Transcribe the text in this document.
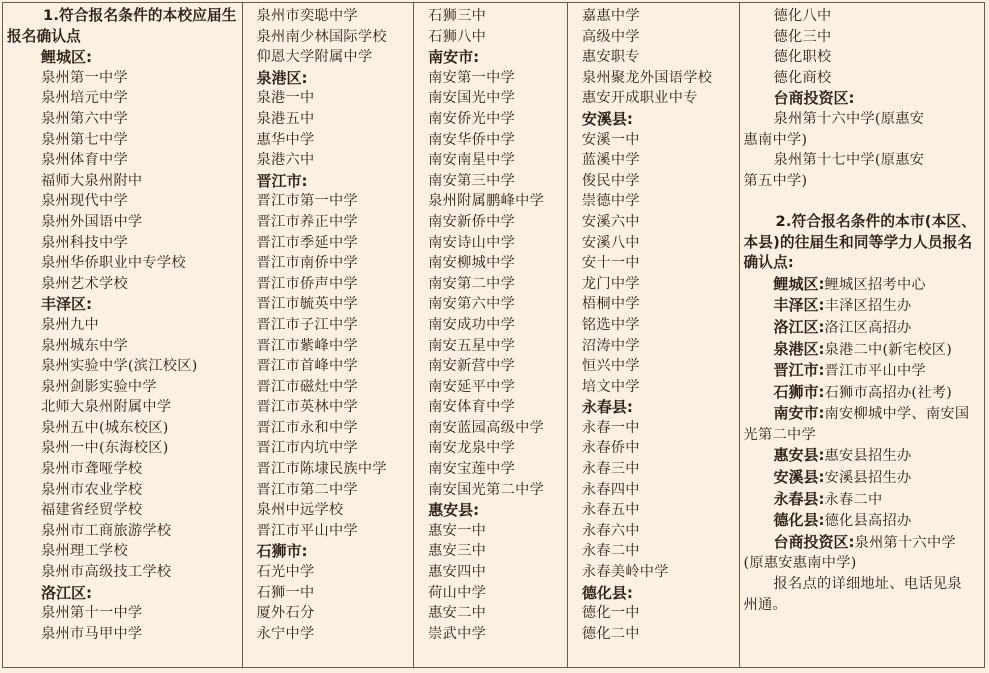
1.符合报名条件的本校应届生报名确认点
鲤城区:
泉州第一中学
泉州培元中学
泉州第六中学
泉州第七中学
泉州体育中学
福师大泉州附中
泉州现代中学
泉州外国语中学
泉州科技中学
泉州华侨职业中专学校
泉州艺术学校
丰泽区:
泉州九中
泉州城东中学
泉州实验中学(滨江校区)
泉州剑影实验中学
北师大泉州附属中学
泉州五中(城东校区)
泉州一中(东海校区)
泉州市聋哑学校
泉州市农业学校
福建省经贸学校
泉州市工商旅游学校
泉州理工学校
泉州市高级技工学校
洛江区:
泉州第十一中学
泉州市马甲中学
泉州市奕聪中学
泉州南少林国际学校
仰恩大学附属中学
泉港区:
泉港一中
泉港五中
惠华中学
泉港六中
晋江市:
晋江市第一中学
晋江市养正中学
晋江市季延中学
晋江市南侨中学
晋江市侨声中学
晋江市毓英中学
晋江市子江中学
晋江市紫峰中学
晋江市首峰中学
晋江市磁灶中学
晋江市英林中学
晋江市永和中学
晋江市内坑中学
晋江市陈埭民族中学
晋江市第二中学
泉州中远学校
晋江市平山中学
石狮市:
石光中学
石狮一中
厦外石分
永宁中学
石狮三中
石狮八中
南安市:
南安第一中学
南安国光中学
南安侨光中学
南安华侨中学
南安南星中学
南安第三中学
泉州附属鹏峰中学
南安新侨中学
南安诗山中学
南安柳城中学
南安第二中学
南安第六中学
南安成功中学
南安五星中学
南安新营中学
南安延平中学
南安体育中学
南安蓝园高级中学
南安龙泉中学
南安宝莲中学
南安国光第二中学
惠安县:
惠安一中
惠安三中
惠安四中
荷山中学
惠安二中
崇武中学
嘉惠中学
高级中学
惠安职专
泉州聚龙外国语学校
惠安开成职业中专
安溪县:
安溪一中
蓝溪中学
俊民中学
崇德中学
安溪六中
安溪八中
安十一中
龙门中学
梧桐中学
铭选中学
沼涛中学
恒兴中学
培文中学
永春县:
永春一中
永春侨中
永春三中
永春四中
永春五中
永春六中
永春二中
永春美岭中学
德化县:
德化一中
德化二中
德化八中
德化三中
德化职校
德化商校
台商投资区:
泉州第十六中学(原惠安
惠南中学)
泉州第十七中学(原惠安
第五中学)
2.符合报名条件的本市(本区、本县)的往届生和同等学力人员报名确认点:
鲤城区:鲤城区招考中心
丰泽区:丰泽区招生办
洛江区:洛江区高招办
泉港区:泉港二中(新宅校区)
晋江市:晋江市平山中学
石狮市:石狮市高招办(社考)
南安市:南安柳城中学、南安国光第二中学
惠安县:惠安县招生办
安溪县:安溪县招生办
永春县:永春二中
德化县:德化县高招办
台商投资区:泉州第十六中学(原惠安惠南中学)
报名点的详细地址、电话见泉州通。
